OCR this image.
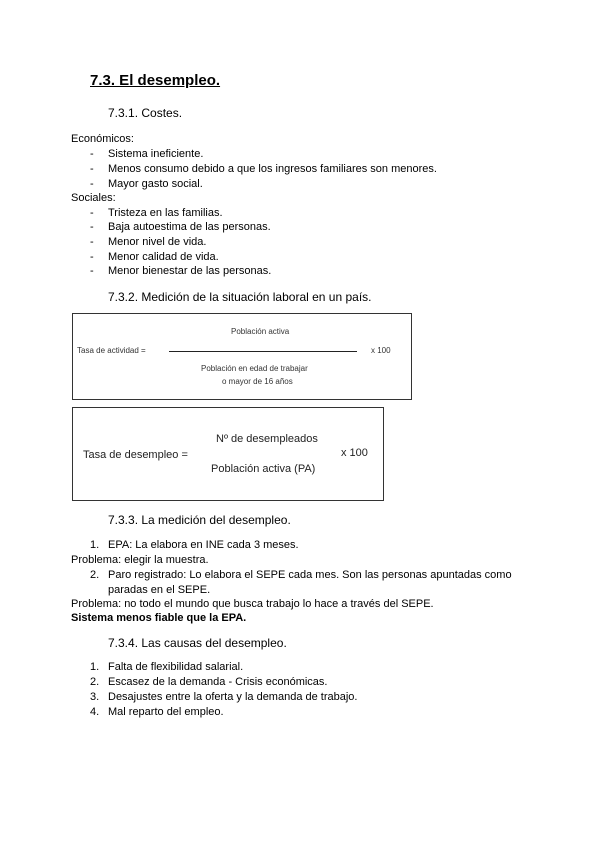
7.3. El desempleo.
7.3.1. Costes.
Económicos:
- Sistema ineficiente.
- Menos consumo debido a que los ingresos familiares son menores.
- Mayor gasto social.
Sociales:
- Tristeza en las familias.
- Baja autoestima de las personas.
- Menor nivel de vida.
- Menor calidad de vida.
- Menor bienestar de las personas.
7.3.2. Medición de la situación laboral en un país.
Tasa de actividad =
Población activa
Población en edad de trabajar
o mayor de 16 años
x 100
Tasa de desempleo =
Nº de desempleados
Población activa (PA)
x 100
7.3.3. La medición del desempleo.
1. EPA: La elabora en INE cada 3 meses.
Problema: elegir la muestra.
2. Paro registrado: Lo elabora el SEPE cada mes. Son las personas apuntadas como
paradas en el SEPE.
Problema: no todo el mundo que busca trabajo lo hace a través del SEPE.
Sistema menos fiable que la EPA.
7.3.4. Las causas del desempleo.
1. Falta de flexibilidad salarial.
2. Escasez de la demanda - Crisis económicas.
3. Desajustes entre la oferta y la demanda de trabajo.
4. Mal reparto del empleo.
